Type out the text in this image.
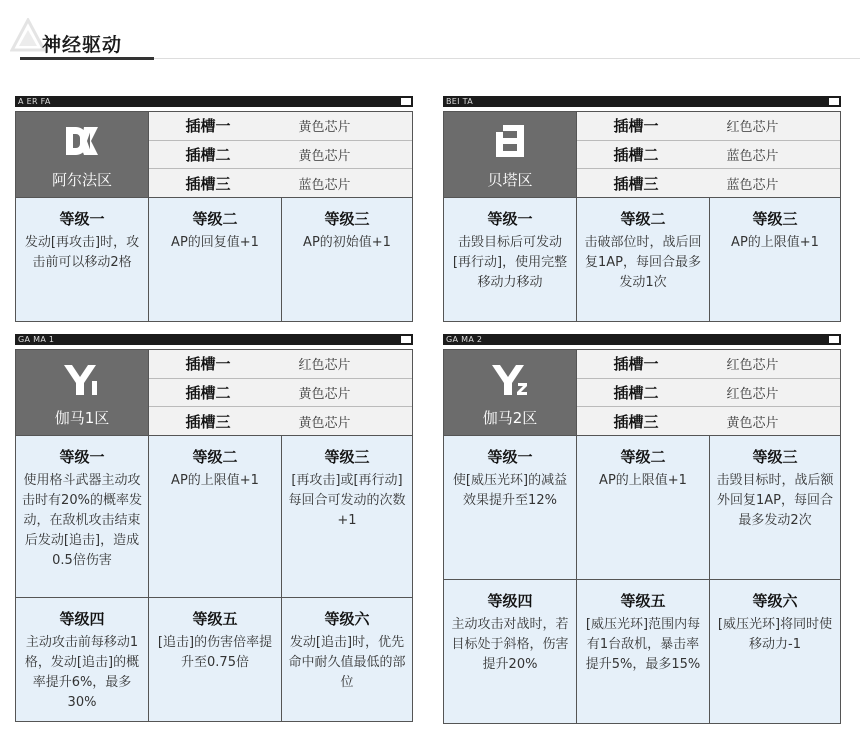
神经驱动
A ER FA
阿尔法区
插槽一	黄色芯片
插槽二	黄色芯片
插槽三	蓝色芯片
等级一
发动[再攻击]时，攻击前可以移动2格
等级二
AP的回复值+1
等级三
AP的初始值+1
BEI TA
贝塔区
插槽一	红色芯片
插槽二	蓝色芯片
插槽三	蓝色芯片
等级一
击毁目标后可发动[再行动]，使用完整移动力移动
等级二
击破部位时，战后回复1AP，每回合最多发动1次
等级三
AP的上限值+1
GA MA 1
伽马1区
插槽一	红色芯片
插槽二	黄色芯片
插槽三	黄色芯片
等级一
使用格斗武器主动攻击时有20%的概率发动，在敌机攻击结束后发动[追击]，造成0.5倍伤害
等级二
AP的上限值+1
等级三
[再攻击]或[再行动]每回合可发动的次数+1
等级四
主动攻击前每移动1格，发动[追击]的概率提升6%，最多30%
等级五
[追击]的伤害倍率提升至0.75倍
等级六
发动[追击]时，优先命中耐久值最低的部位
GA MA 2
伽马2区
插槽一	红色芯片
插槽二	红色芯片
插槽三	黄色芯片
等级一
使[威压光环]的减益效果提升至12%
等级二
AP的上限值+1
等级三
击毁目标时，战后额外回复1AP，每回合最多发动2次
等级四
主动攻击对战时，若目标处于斜格，伤害提升20%
等级五
[威压光环]范围内每有1台敌机，暴击率提升5%，最多15%
等级六
[威压光环]将同时使移动力-1
